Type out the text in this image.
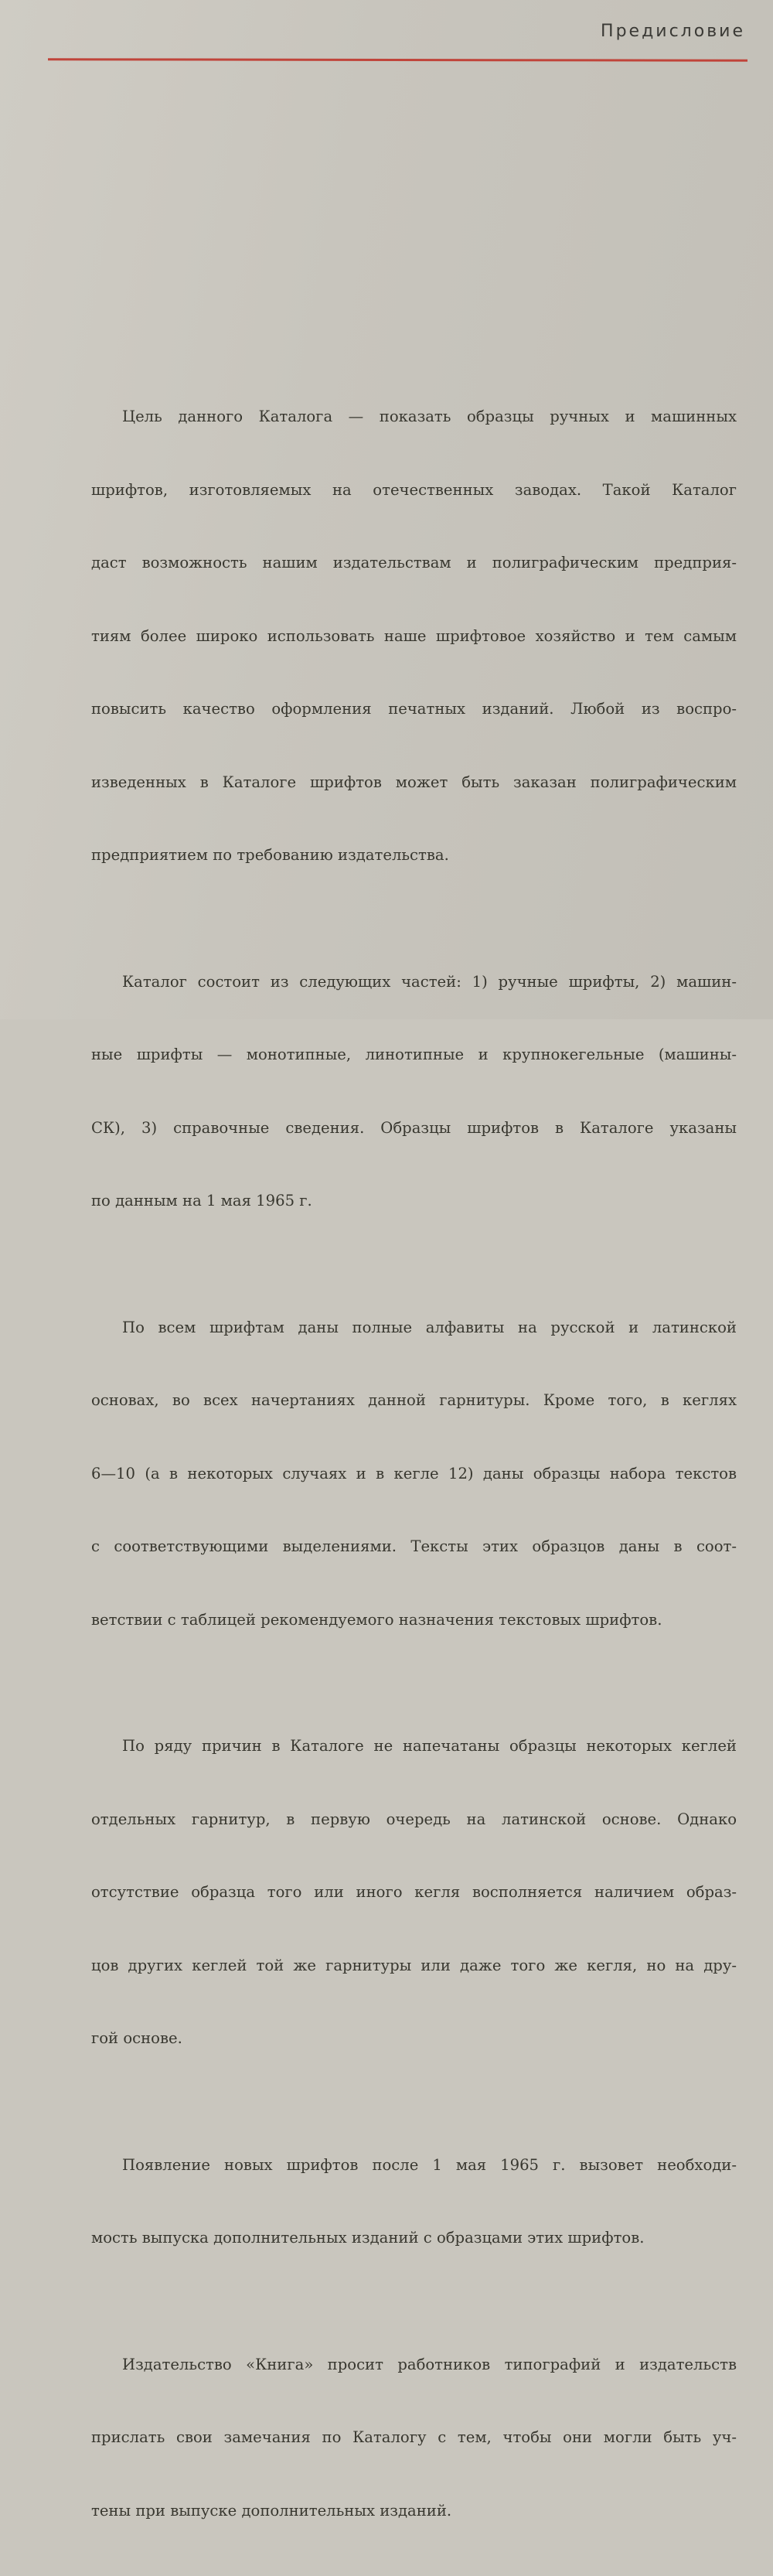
Предисловие

Цель данного Каталога — показать образцы ручных и машинных

шрифтов, изготовляемых на отечественных заводах. Такой Каталог

даст возможность нашим издательствам и полиграфическим предприя-

тиям более широко использовать наше шрифтовое хозяйство и тем самым

повысить качество оформления печатных изданий. Любой из воспро-

изведенных в Каталоге шрифтов может быть заказан полиграфическим

предприятием по требованию издательства.

Каталог состоит из следующих частей: 1) ручные шрифты, 2) машин-

ные шрифты — монотипные, линотипные и крупнокегельные (машины-

СК), 3) справочные сведения. Образцы шрифтов в Каталоге указаны

по данным на 1 мая 1965 г.

По всем шрифтам даны полные алфавиты на русской и латинской

основах, во всех начертаниях данной гарнитуры. Кроме того, в кеглях

6—10 (а в некоторых случаях и в кегле 12) даны образцы набора текстов

с соответствующими выделениями. Тексты этих образцов даны в соот-

ветствии с таблицей рекомендуемого назначения текстовых шрифтов.

По ряду причин в Каталоге не напечатаны образцы некоторых кеглей

отдельных гарнитур, в первую очередь на латинской основе. Однако

отсутствие образца того или иного кегля восполняется наличием образ-

цов других кеглей той же гарнитуры или даже того же кегля, но на дру-

гой основе.

Появление новых шрифтов после 1 мая 1965 г. вызовет необходи-

мость выпуска дополнительных изданий с образцами этих шрифтов.

Издательство «Книга» просит работников типографий и издательств

прислать свои замечания по Каталогу с тем, чтобы они могли быть уч-

тены при выпуске дополнительных изданий.
